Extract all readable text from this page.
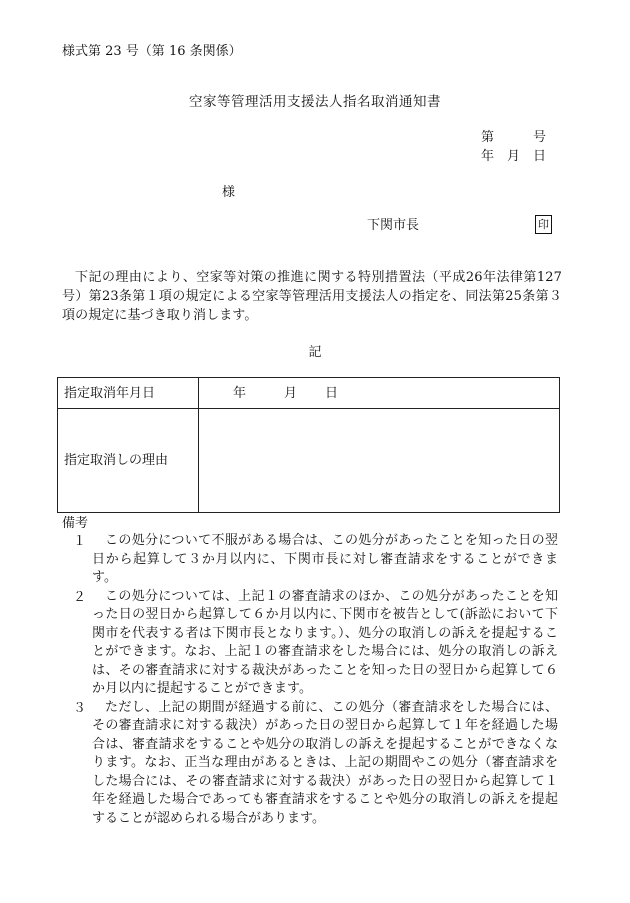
様式第 23 号（第 16 条関係）
空家等管理活用支援法人指名取消通知書
第　　　号
年　月　日
様
下関市長	印
下記の理由により、空家等対策の推進に関する特別措置法（平成26年法律第127号）第23条第１項の規定による空家等管理活用支援法人の指定を、同法第25条第３項の規定に基づき取り消します。
記
指定取消年月日	年 月 日
指定取消しの理由	
備考
１	この処分について不服がある場合は、この処分があったことを知った日の翌日から起算して３か月以内に、下関市長に対し審査請求をすることができます。
２	この処分については、上記１の審査請求のほか、この処分があったことを知った日の翌日から起算して６か月以内に､下関市を被告として(訴訟において下関市を代表する者は下関市長となります。）、処分の取消しの訴えを提起することができます。なお、上記１の審査請求をした場合には、処分の取消しの訴えは、その審査請求に対する裁決があったことを知った日の翌日から起算して６か月以内に提起することができます。
３	ただし、上記の期間が経過する前に、この処分（審査請求をした場合には、その審査請求に対する裁決）があった日の翌日から起算して１年を経過した場合は、審査請求をすることや処分の取消しの訴えを提起することができなくなります。なお、正当な理由があるときは、上記の期間やこの処分（審査請求をした場合には、その審査請求に対する裁決）があった日の翌日から起算して１年を経過した場合であっても審査請求をすることや処分の取消しの訴えを提起することが認められる場合があります。
